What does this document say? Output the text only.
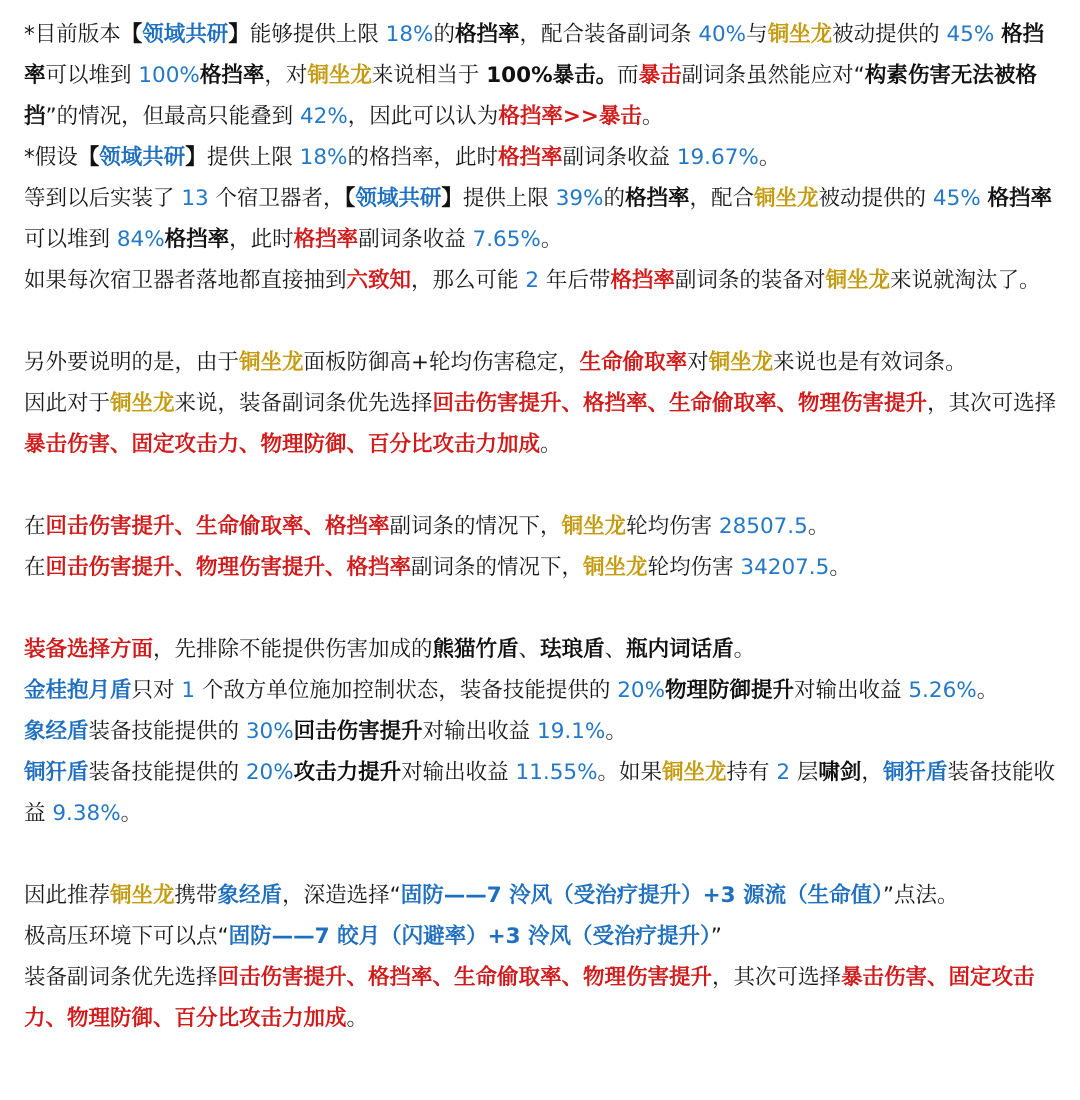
*目前版本【领域共研】能够提供上限 18%的格挡率，配合装备副词条 40%与铜坐龙被动提供的 45% 格挡率可以堆到 100%格挡率，对铜坐龙来说相当于 100%暴击。而暴击副词条虽然能应对“构素伤害无法被格挡”的情况，但最高只能叠到 42%，因此可以认为格挡率>>暴击。

*假设【领域共研】提供上限 18%的格挡率，此时格挡率副词条收益 19.67%。

等到以后实装了 13 个宿卫器者，【领域共研】提供上限 39%的格挡率，配合铜坐龙被动提供的 45% 格挡率可以堆到 84%格挡率，此时格挡率副词条收益 7.65%。

如果每次宿卫器者落地都直接抽到六致知，那么可能 2 年后带格挡率副词条的装备对铜坐龙来说就淘汰了。

另外要说明的是，由于铜坐龙面板防御高+轮均伤害稳定，生命偷取率对铜坐龙来说也是有效词条。

因此对于铜坐龙来说，装备副词条优先选择回击伤害提升、格挡率、生命偷取率、物理伤害提升，其次可选择暴击伤害、固定攻击力、物理防御、百分比攻击力加成。

在回击伤害提升、生命偷取率、格挡率副词条的情况下，铜坐龙轮均伤害 28507.5。

在回击伤害提升、物理伤害提升、格挡率副词条的情况下，铜坐龙轮均伤害 34207.5。

装备选择方面，先排除不能提供伤害加成的熊猫竹盾、珐琅盾、瓶内词话盾。

金桂抱月盾只对 1 个敌方单位施加控制状态，装备技能提供的 20%物理防御提升对输出收益 5.26%。

象经盾装备技能提供的 30%回击伤害提升对输出收益 19.1%。

铜犴盾装备技能提供的 20%攻击力提升对输出收益 11.55%。如果铜坐龙持有 2 层啸剑，铜犴盾装备技能收益 9.38%。

因此推荐铜坐龙携带象经盾，深造选择“固防——7 泠风（受治疗提升）+3 源流（生命值）”点法。

极高压环境下可以点“固防——7 皎月（闪避率）+3 泠风（受治疗提升）”

装备副词条优先选择回击伤害提升、格挡率、生命偷取率、物理伤害提升，其次可选择暴击伤害、固定攻击力、物理防御、百分比攻击力加成。
